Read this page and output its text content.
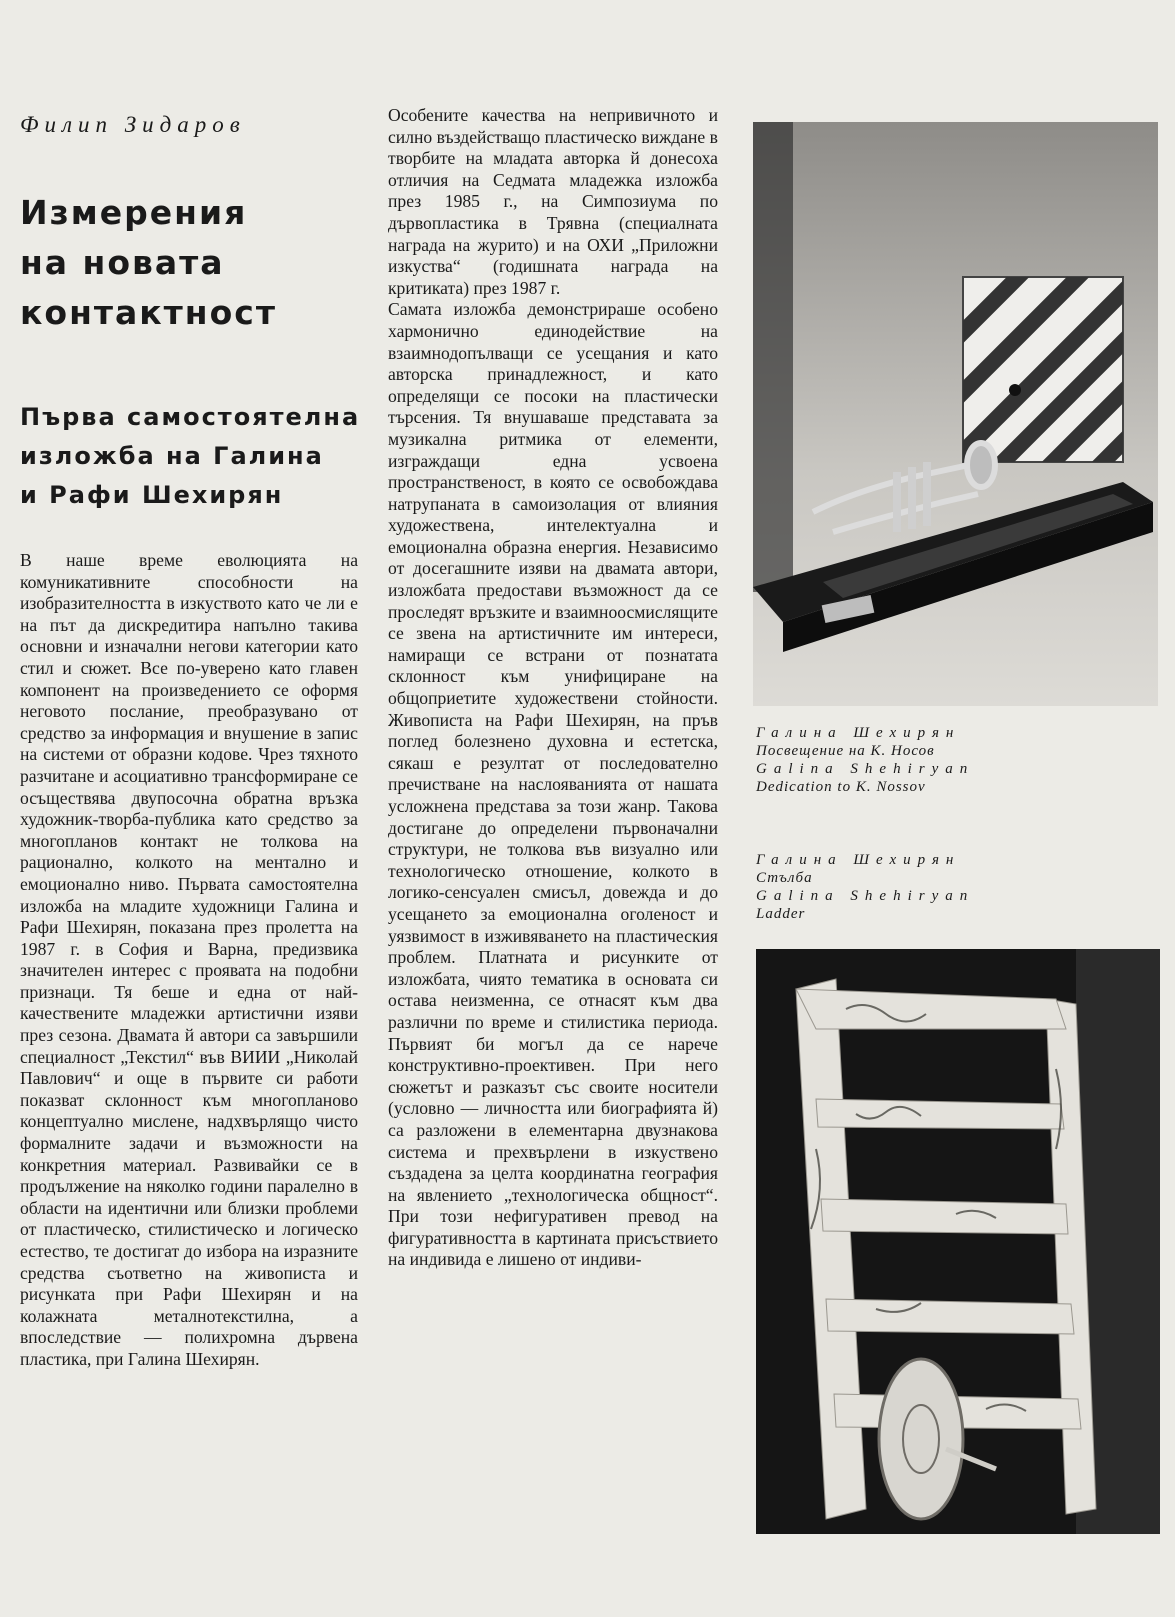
Филип Зидаров
Измерения
на новата
контактност
Първа самостоятелна
изложба на Галина
и Рафи Шехирян

В наше време еволюцията на комуникативните способности на изобразителността в изкуството като че ли е на път да дискредитира напълно такива основни и изначални негови категории като стил и сюжет. Все по-уверено като главен компонент на произведението се оформя неговото послание, преобразувано от средство за информация и внушение в запис на системи от образни кодове. Чрез тяхното разчитане и асоциативно трансформиране се осъществява двупосочна обратна връзка художник-творба-публика като средство за многопланов контакт не толкова на рационално, колкото на ментално и емоционално ниво. Първата самостоятелна изложба на младите художници Галина и Рафи Шехирян, показана през пролетта на 1987 г. в София и Варна, предизвика значителен интерес с проявата на подобни признаци. Тя беше и една от най-качествените младежки артистични изяви през сезона. Двамата й автори са завършили специалност „Текстил“ във ВИИИ „Николай Павлович“ и още в първите си работи показват склонност към многопланово концептуално мислене, надхвърлящо чисто формалните задачи и възможности на конкретния материал. Развивайки се в продължение на няколко години паралелно в области на идентични или близки проблеми от пластическо, стилистическо и логическо естество, те достигат до избора на изразните средства съответно на живописта и рисунката при Рафи Шехирян и на колажната металнотекстилна, а впоследствие — полихромна дървена пластика, при Галина Шехирян.

Особените качества на непривичното и силно въздействащо пластическо виждане в творбите на младата авторка й донесоха отличия на Седмата младежка изложба през 1985 г., на Симпозиума по дървопластика в Трявна (специалната награда на журито) и на ОХИ „Приложни изкуства“ (годишната награда на критиката) през 1987 г.

Самата изложба демонстрираше особено хармонично единодействие на взаимнодопълващи се усещания и като авторска принадлежност, и като определящи се посоки на пластически търсения. Тя внушаваше представата за музикална ритмика от елементи, изграждащи една усвоена пространственост, в която се освобождава натрупаната в самоизолация от влияния художествена, интелектуална и емоционална образна енергия. Независимо от досегашните изяви на двамата автори, изложбата предостави възможност да се проследят връзките и взаимноосмислящите се звена на артистичните им интереси, намиращи се встрани от познатата склонност към унифициране на общоприетите художествени стойности. Живописта на Рафи Шехирян, на пръв поглед болезнено духовна и естетска, сякаш е резултат от последователно пречистване на наслояванията от нашата усложнена представа за този жанр. Такова достигане до определени първоначални структури, не толкова във визуално или технологическо отношение, колкото в логико-сенсуален смисъл, довежда и до усещането за емоционална оголеност и уязвимост в изживяването на пластическия проблем. Платната и рисунките от изложбата, чиято тематика в основата си остава неизменна, се отнасят към два различни по време и стилистика периода. Първият би могъл да се нарече конструктивно-проективен. При него сюжетът и разказът със своите носители (условно — личността или биографията й) са разложени в елементарна двузнакова система и прехвърлени в изкуствено създадена за целта координатна география на явлението „технологическа общност“. При този нефигуративен превод на фигуративността в картината присъствието на индивида е лишено от индиви-

Галина Шехирян
Посвещение на К. Носов
Galina Shehiryan
Dedication to K. Nossov
Галина Шехирян
Стълба
Galina Shehiryan
Ladder
